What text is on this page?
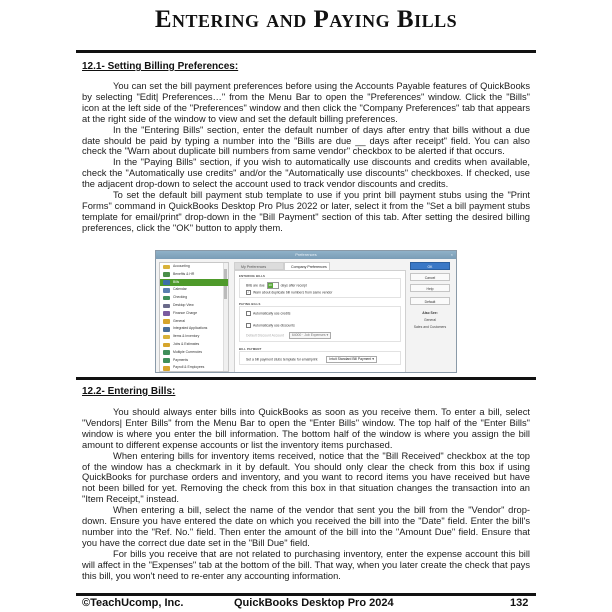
Entering and Paying Bills
12.1- Setting Billing Preferences:

You can set the bill payment preferences before using the Accounts Payable features of QuickBooks by selecting "Edit| Preferences…" from the Menu Bar to open the "Preferences" window. Click the "Bills" icon at the left side of the "Preferences" window and then click the "Company Preferences" tab that appears at the right side of the window to view and set the default billing preferences.

In the "Entering Bills" section, enter the default number of days after entry that bills without a due date should be paid by typing a number into the "Bills are due __ days after receipt" field. You can also check the "Warn about duplicate bill numbers from same vendor" checkbox to be alerted if that occurs.

In the "Paying Bills" section, if you wish to automatically use discounts and credits when available, check the "Automatically use credits" and/or the "Automatically use discounts" checkboxes. If checked, use the adjacent drop-down to select the account used to track vendor discounts and credits.

To set the default bill payment stub template to use if you print bill payment stubs using the "Print Forms" command in QuickBooks Desktop Pro Plus 2022 or later, select it from the "Set a bill payment stubs template for email/print" drop-down in the "Bill Payment" section of this tab. After setting the desired billing preferences, click the "OK" button to apply them.

Preferences	×
Accounting
Benefits & HR
Bills
Calendar
Checking
Desktop View
Finance Charge
General
Integrated Applications
Items & Inventory
Jobs & Estimates
Multiple Currencies
Payments
Payroll & Employees
My Preferences	Company Preferences
ENTERING BILLS
Bills are due 10	days after receipt
✓ Warn about duplicate bill numbers from same vendor
PAYING BILLS
Automatically use credits
Automatically use discounts
Default Discount Account 64000 · Job Expenses ▾
BILL PAYMENT
Set a bill payment stubs template for email/print	Intuit Standard Bill Payment ▾
OK
Cancel
Help
Default
Also See:
General
Sales and Customers
12.2- Entering Bills:

You should always enter bills into QuickBooks as soon as you receive them. To enter a bill, select "Vendors| Enter Bills" from the Menu Bar to open the "Enter Bills" window. The top half of the "Enter Bills" window is where you enter the bill information. The bottom half of the window is where you assign the bill amount to different expense accounts or list the inventory items purchased.

When entering bills for inventory items received, notice that the "Bill Received" checkbox at the top of the window has a checkmark in it by default. You should only clear the check from this box if using QuickBooks for purchase orders and inventory, and you want to record items you have received but have not been billed for yet. Removing the check from this box in that situation changes the transaction into an "Item Receipt," instead.

When entering a bill, select the name of the vendor that sent you the bill from the "Vendor" drop-down. Ensure you have entered the date on which you received the bill into the "Date" field. Enter the bill's number into the "Ref. No." field. Then enter the amount of the bill into the "Amount Due" field. Ensure that you have the correct due date set in the "Bill Due" field.

For bills you receive that are not related to purchasing inventory, enter the expense account this bill will affect in the "Expenses" tab at the bottom of the bill. That way, when you later create the check that pays this bill, you won't need to re-enter any accounting information.

©TeachUcomp, Inc.	QuickBooks Desktop Pro 2024	132
